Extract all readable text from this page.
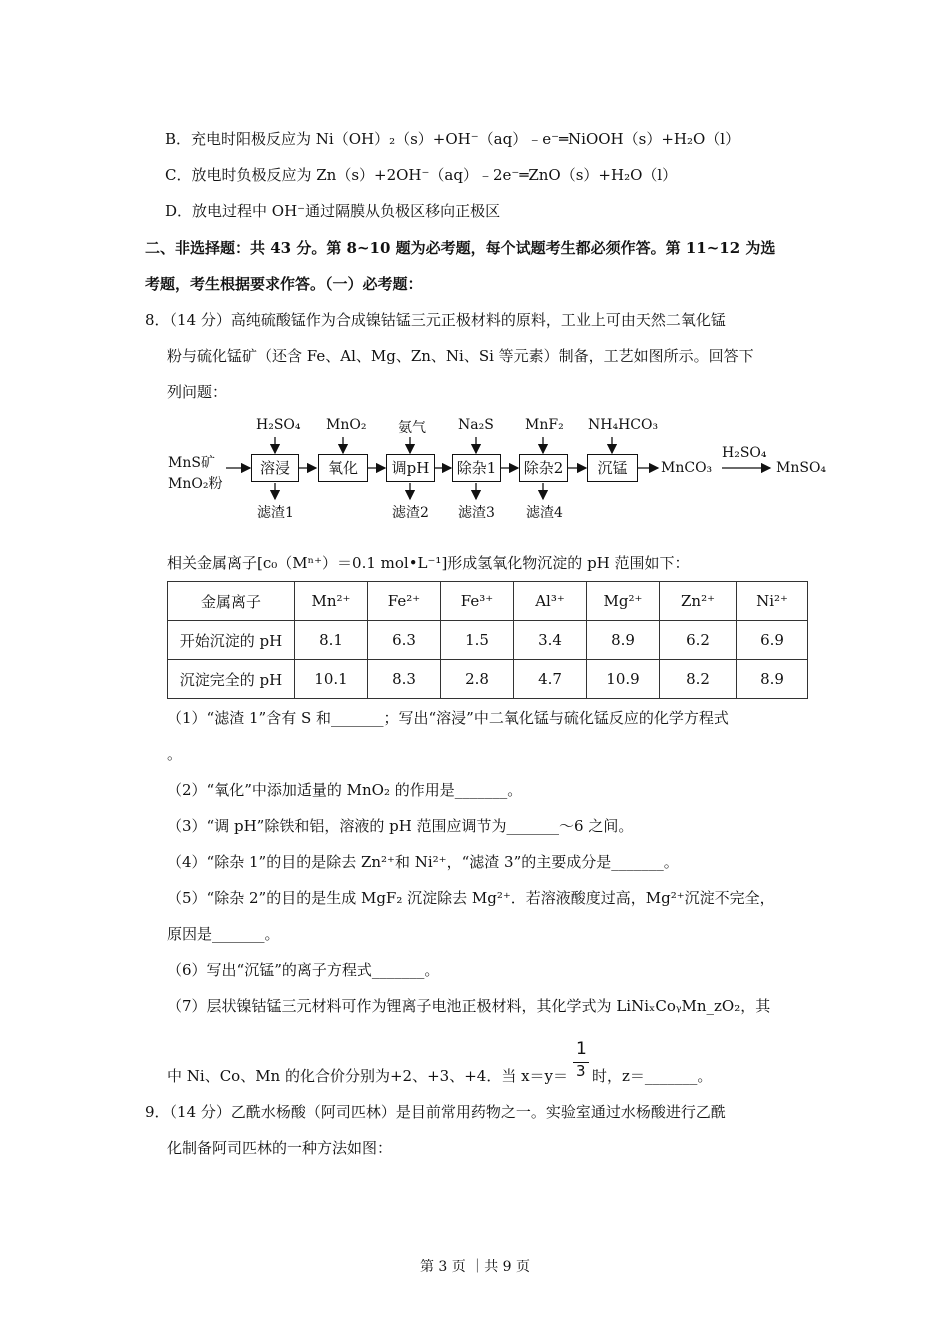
B．充电时阳极反应为 Ni（OH）₂（s）+OH⁻（aq）﹣e⁻═NiOOH（s）+H₂O（l）
C．放电时负极反应为 Zn（s）+2OH⁻（aq）﹣2e⁻═ZnO（s）+H₂O（l）
D．放电过程中 OH⁻通过隔膜从负极区移向正极区
二、非选择题：共 43 分。第 8~10 题为必考题，每个试题考生都必须作答。第 11~12 为选
考题，考生根据要求作答。（一）必考题：
8．（14 分）高纯硫酸锰作为合成镍钴锰三元正极材料的原料，工业上可由天然二氧化锰
粉与硫化锰矿（还含 Fe、Al、Mg、Zn、Ni、Si 等元素）制备，工艺如图所示。回答下
列问题：
MnS矿
MnO₂粉
溶浸	氧化	调pH	除杂1	除杂2	沉锰
H₂SO₄ MnO₂ 氨气 Na₂S MnF₂ NH₄HCO₃
滤渣1	滤渣2 滤渣3 滤渣4
MnCO₃
H₂SO₄
MnSO₄
相关金属离子[c₀（Mⁿ⁺）＝0.1 mol•L⁻¹]形成氢氧化物沉淀的 pH 范围如下：
金属离子	Mn²⁺	Fe²⁺	Fe³⁺	Al³⁺	Mg²⁺	Zn²⁺	Ni²⁺
开始沉淀的 pH	8.1	6.3	1.5	3.4	8.9	6.2	6.9
沉淀完全的 pH	10.1	8.3	2.8	4.7	10.9	8.2	8.9
（1）“滤渣 1”含有 S 和_______；写出“溶浸”中二氧化锰与硫化锰反应的化学方程式
。
（2）“氧化”中添加适量的 MnO₂ 的作用是_______。
（3）“调 pH”除铁和铝，溶液的 pH 范围应调节为_______～6 之间。
（4）“除杂 1”的目的是除去 Zn²⁺和 Ni²⁺，“滤渣 3”的主要成分是_______。
（5）“除杂 2”的目的是生成 MgF₂ 沉淀除去 Mg²⁺．若溶液酸度过高，Mg²⁺沉淀不完全，
原因是_______。
（6）写出“沉锰”的离子方程式_______。
（7）层状镍钴锰三元材料可作为锂离子电池正极材料，其化学式为 LiNiₓCoᵧMn_zO₂，其
中 Ni、Co、Mn 的化合价分别为+2、+3、+4．当 x＝y＝
1
3 时，z＝_______。
9．（14 分）乙酰水杨酸（阿司匹林）是目前常用药物之一。实验室通过水杨酸进行乙酰
化制备阿司匹林的一种方法如图：
第 3 页 ｜共 9 页
